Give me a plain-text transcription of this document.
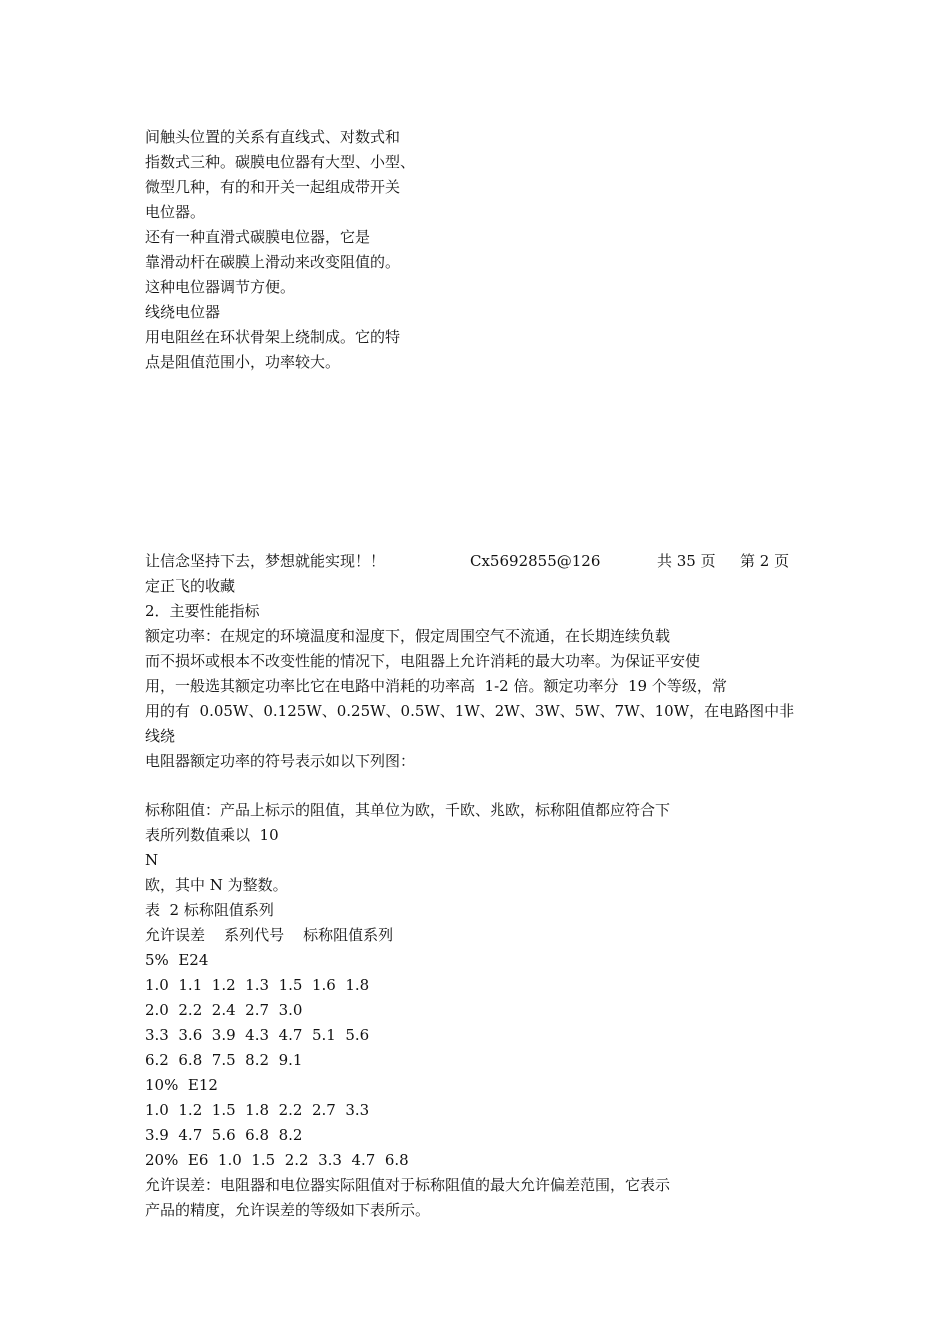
间触头位置的关系有直线式、对数式和
指数式三种。碳膜电位器有大型、小型、
微型几种，有的和开关一起组成带开关
电位器。
还有一种直滑式碳膜电位器，它是
靠滑动杆在碳膜上滑动来改变阻值的。
这种电位器调节方便。
线绕电位器
用电阻丝在环状骨架上绕制成。它的特
点是阻值范围小，功率较大。
让信念坚持下去，梦想就能实现！！	Cx5692855@126	共 35 页 第 2 页
定正飞的收藏
2．主要性能指标
额定功率：在规定的环境温度和湿度下，假定周围空气不流通，在长期连续负载
而不损坏或根本不改变性能的情况下，电阻器上允许消耗的最大功率。为保证平安使
用，一般选其额定功率比它在电路中消耗的功率高  1-2 倍。额定功率分  19 个等级，常
用的有  0.05W、0.125W、0.25W、0.5W、1W、2W、3W、5W、7W、10W，在电路图中非
线绕
电阻器额定功率的符号表示如以下列图：
标称阻值：产品上标示的阻值，其单位为欧，千欧、兆欧，标称阻值都应符合下
表所列数值乘以  10
N
欧，其中 N 为整数。
表  2 标称阻值系列
允许误差    系列代号    标称阻值系列
5%  E24
1.0  1.1  1.2  1.3  1.5  1.6  1.8
2.0  2.2  2.4  2.7  3.0
3.3  3.6  3.9  4.3  4.7  5.1  5.6
6.2  6.8  7.5  8.2  9.1
10%  E12
1.0  1.2  1.5  1.8  2.2  2.7  3.3
3.9  4.7  5.6  6.8  8.2
20%  E6  1.0  1.5  2.2  3.3  4.7  6.8
允许误差：电阻器和电位器实际阻值对于标称阻值的最大允许偏差范围，它表示
产品的精度，允许误差的等级如下表所示。
